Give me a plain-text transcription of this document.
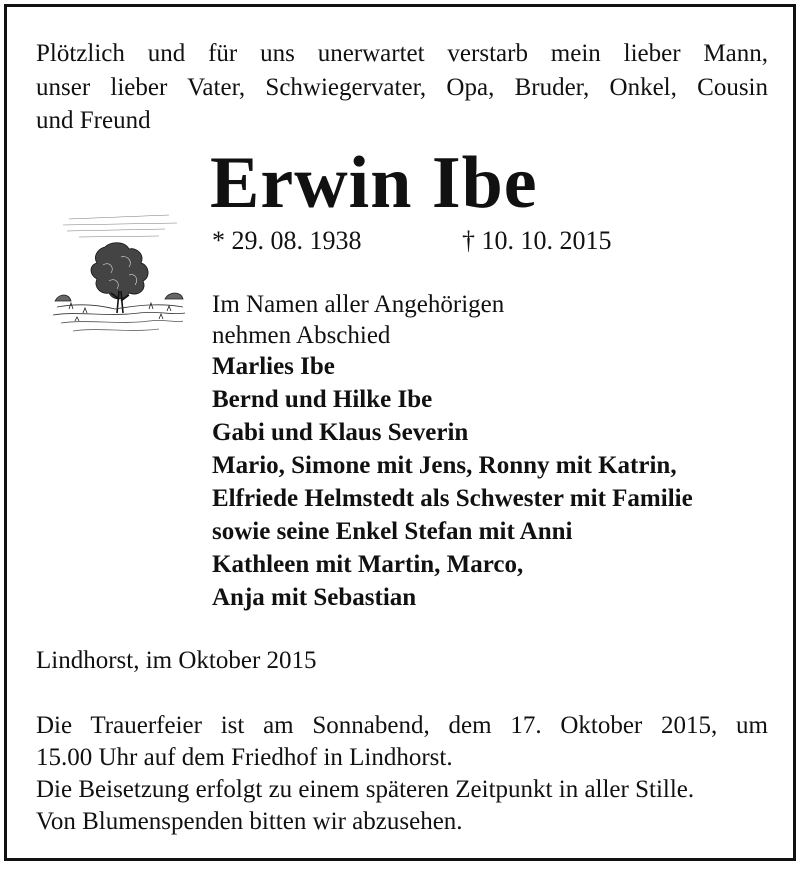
Plötzlich und für uns unerwartet verstarb mein lieber Mann,
unser lieber Vater, Schwiegervater, Opa, Bruder, Onkel, Cousin
und Freund
Erwin Ibe
* 29. 08. 1938	† 10. 10. 2015
Im Namen aller Angehörigen
nehmen Abschied
Marlies Ibe
Bernd und Hilke Ibe
Gabi und Klaus Severin
Mario, Simone mit Jens, Ronny mit Katrin,
Elfriede Helmstedt als Schwester mit Familie
sowie seine Enkel Stefan mit Anni
Kathleen mit Martin, Marco,
Anja mit Sebastian
Lindhorst, im Oktober 2015
Die Trauerfeier ist am Sonnabend, dem 17. Oktober 2015, um
15.00 Uhr auf dem Friedhof in Lindhorst.
Die Beisetzung erfolgt zu einem späteren Zeitpunkt in aller Stille.
Von Blumenspenden bitten wir abzusehen.
